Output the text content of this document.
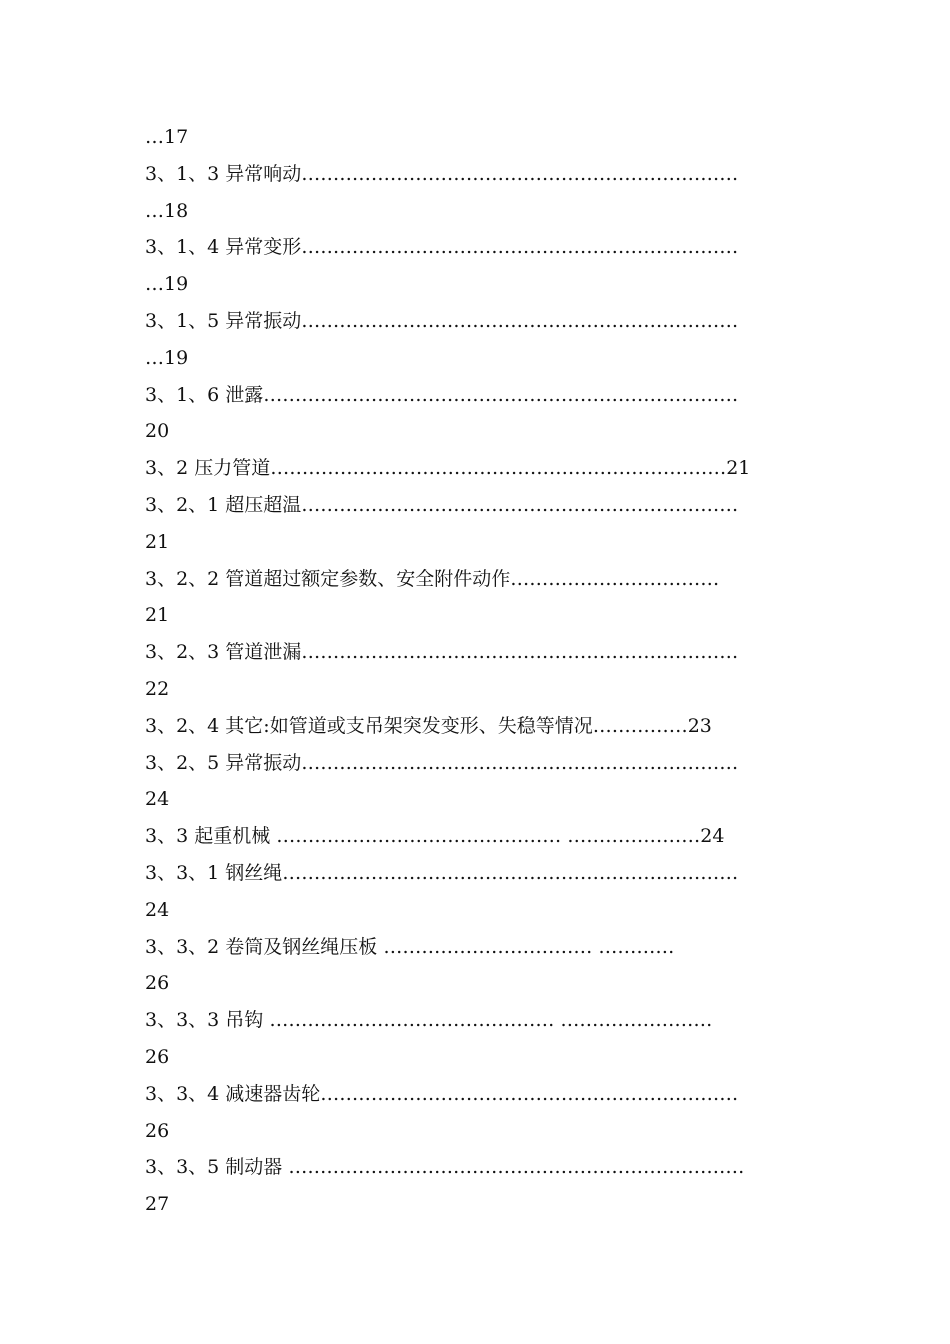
…17
3、1、3 异常响动……………………………………………………………
…18
3、1、4 异常变形……………………………………………………………
…19
3、1、5 异常振动……………………………………………………………
…19
3、1、6 泄露…………………………………………………………………
20
3、2 压力管道………………………………………………………………21
3、2、1 超压超温……………………………………………………………
21
3、2、2 管道超过额定参数、安全附件动作……………………………
21
3、2、3 管道泄漏……………………………………………………………
22
3、2、4 其它:如管道或支吊架突发变形、失稳等情况……………23
3、2、5 异常振动……………………………………………………………
24
3、3 起重机械 ……………………………………… …………………24
3、3、1 钢丝绳………………………………………………………………
24
3、3、2 卷筒及钢丝绳压板 …………………………… …………
26
3、3、3 吊钩 ……………………………………… ……………………
26
3、3、4 减速器齿轮…………………………………………………………
26
3、3、5 制动器 ………………………………………………………………
27
